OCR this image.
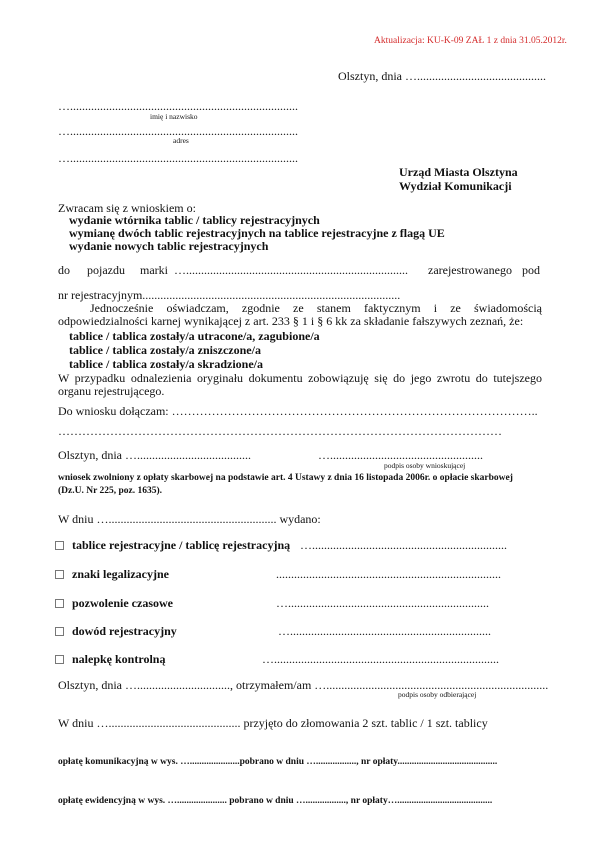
Aktualizacja: KU-K-09 ZAŁ 1 z dnia 31.05.2012r.
Olsztyn, dnia …...........................................
…............................................................................
imię i nazwisko
…............................................................................
adres
…............................................................................
Urząd Miasta Olsztyna
Wydział Komunikacji
Zwracam się z wnioskiem o:
wydanie wtórnika tablic / tablicy rejestracyjnych
wymianę dwóch tablic rejestracyjnych na tablice rejestracyjne z flagą UE
wydanie nowych tablic rejestracyjnych
do pojazdu marki ….......................................................................... zarejestrowanego pod
nr rejestracyjnym......................................................................................
Jednocześnie oświadczam, zgodnie ze stanem faktycznym i ze świadomością
odpowiedzialności karnej wynikającej z art. 233 § 1 i § 6 kk za składanie fałszywych zeznań, że:
tablice / tablica zostały/a utracone/a, zagubione/a
tablice / tablica zostały/a zniszczone/a
tablice / tablica zostały/a skradzione/a
W przypadku odnalezienia oryginału dokumentu zobowiązuję się do jego zwrotu do tutejszego
organu rejestrującego.
Do wniosku dołączam: ………………………………………………………………………………..
…………………………………………………………………………………………………
Olsztyn, dnia …......................................	…...................................................
podpis osoby wnioskującej
wniosek zwolniony z opłaty skarbowej na podstawie art. 4 Ustawy z dnia 16 listopada 2006r. o opłacie skarbowej
(Dz.U. Nr 225, poz. 1635).
W dniu …........................................................ wydano:
tablice rejestracyjne / tablicę rejestracyjną ….................................................................
znaki legalizacyjne	...........................................................................
pozwolenie czasowe	…...................................................................
dowód rejestracyjny	…...................................................................
nalepkę kontrolną	…...........................................................................
Olsztyn, dnia …..............................., otrzymałem/am …..........................................................................
podpis osoby odbierającej
W dniu …............................................ przyjęto do złomowania 2 szt. tablic / 1 szt. tablicy
opłatę komunikacyjną w wys. ….....................pobrano w dniu …................., nr opłaty..........................................
opłatę ewidencyjną w wys. …..................... pobrano w dniu …................., nr opłaty…........................................
